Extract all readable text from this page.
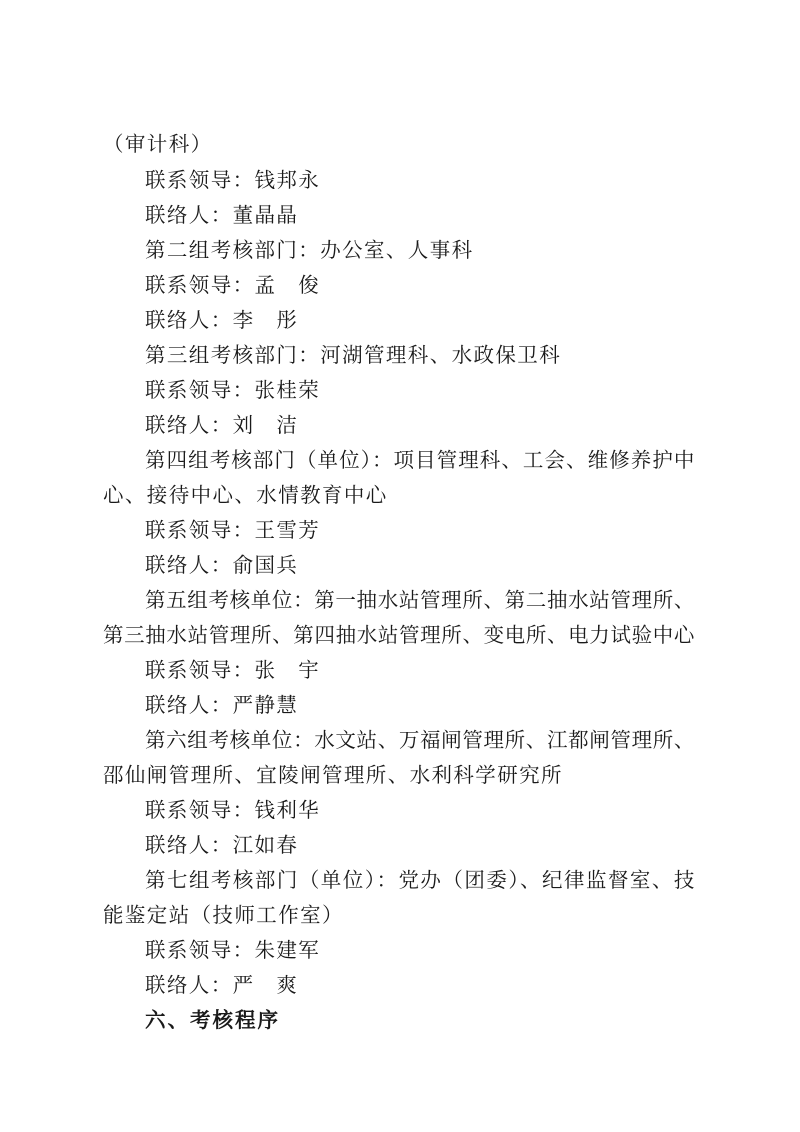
（审计科）
联系领导：钱邦永
联络人：董晶晶
第二组考核部门：办公室、人事科
联系领导：孟　俊
联络人：李　彤
第三组考核部门：河湖管理科、水政保卫科
联系领导：张桂荣
联络人：刘　洁
第四组考核部门（单位）：项目管理科、工会、维修养护中
心、接待中心、水情教育中心
联系领导：王雪芳
联络人：俞国兵
第五组考核单位：第一抽水站管理所、第二抽水站管理所、
第三抽水站管理所、第四抽水站管理所、变电所、电力试验中心
联系领导：张　宇
联络人：严静慧
第六组考核单位：水文站、万福闸管理所、江都闸管理所、
邵仙闸管理所、宜陵闸管理所、水利科学研究所
联系领导：钱利华
联络人：江如春
第七组考核部门（单位）：党办（团委）、纪律监督室、技
能鉴定站（技师工作室）
联系领导：朱建军
联络人：严　爽
六、考核程序
